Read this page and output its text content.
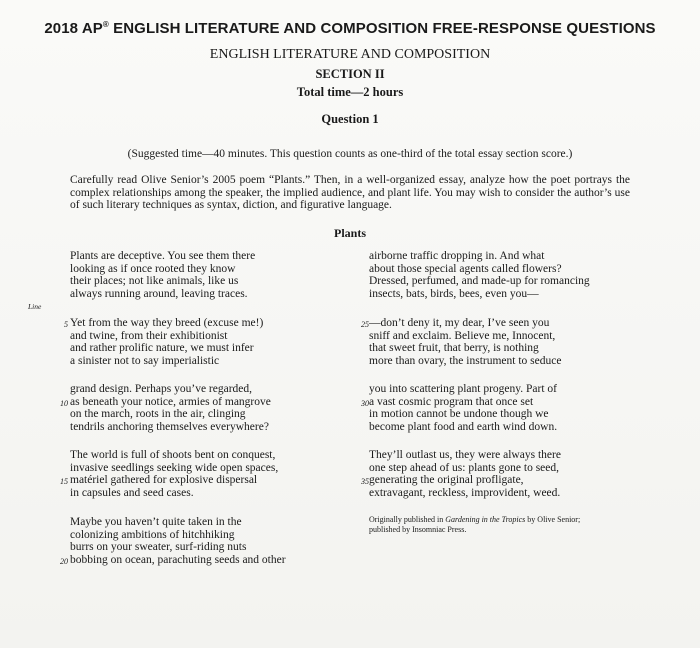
2018 AP® ENGLISH LITERATURE AND COMPOSITION FREE-RESPONSE QUESTIONS
ENGLISH LITERATURE AND COMPOSITION
SECTION II
Total time—2 hours
Question 1
(Suggested time—40 minutes. This question counts as one-third of the total essay section score.)
Carefully read Olive Senior’s 2005 poem “Plants.” Then, in a well-organized essay, analyze how the poet portrays the complex relationships among the speaker, the implied audience, and plant life. You may wish to consider the author’s use of such literary techniques as syntax, diction, and figurative language.
Plants
Line
Plants are deceptive. You see them there
looking as if once rooted they know
their places; not like animals, like us
always running around, leaving traces.
5 Yet from the way they breed (excuse me!)
and twine, from their exhibitionist
and rather prolific nature, we must infer
a sinister not to say imperialistic
grand design. Perhaps you’ve regarded,
10 as beneath your notice, armies of mangrove
on the march, roots in the air, clinging
tendrils anchoring themselves everywhere?
The world is full of shoots bent on conquest,
invasive seedlings seeking wide open spaces,
15 matériel gathered for explosive dispersal
in capsules and seed cases.
Maybe you haven’t quite taken in the
colonizing ambitions of hitchhiking
burrs on your sweater, surf-riding nuts
20 bobbing on ocean, parachuting seeds and other
airborne traffic dropping in. And what
about those special agents called flowers?
Dressed, perfumed, and made-up for romancing
insects, bats, birds, bees, even you—
25 —don’t deny it, my dear, I’ve seen you
sniff and exclaim. Believe me, Innocent,
that sweet fruit, that berry, is nothing
more than ovary, the instrument to seduce
you into scattering plant progeny. Part of
30 a vast cosmic program that once set
in motion cannot be undone though we
become plant food and earth wind down.
They’ll outlast us, they were always there
one step ahead of us: plants gone to seed,
35 generating the original profligate,
extravagant, reckless, improvident, weed.
Originally published in Gardening in the Tropics by Olive Senior; published by Insomniac Press.
